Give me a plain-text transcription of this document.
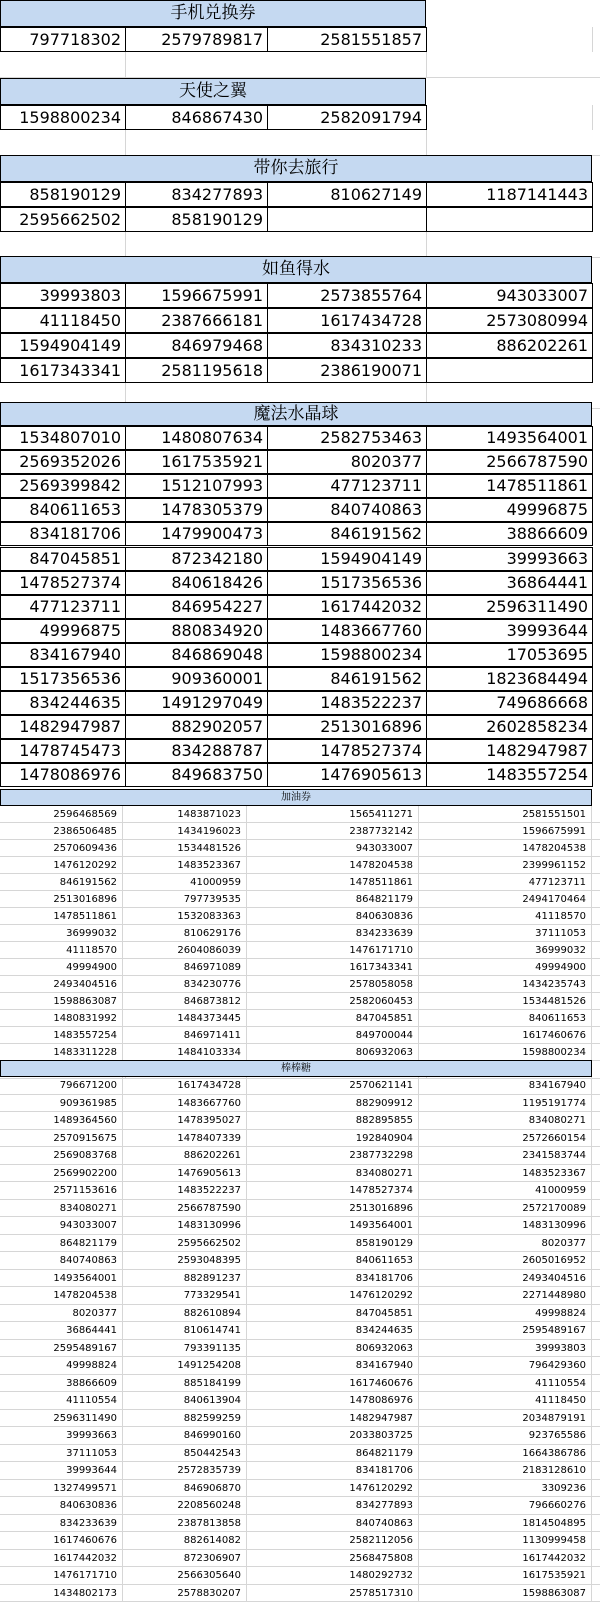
手机兑换券
797718302	2579789817	2581551857
天使之翼
1598800234	846867430	2582091794
带你去旅行
858190129	834277893	810627149	1187141443
2595662502	858190129
如鱼得水
39993803	1596675991	2573855764	943033007
41118450	2387666181	1617434728	2573080994
1594904149	846979468	834310233	886202261
1617343341	2581195618	2386190071
魔法水晶球
1534807010	1480807634	2582753463	1493564001
2569352026	1617535921	8020377	2566787590
2569399842	1512107993	477123711	1478511861
840611653	1478305379	840740863	49996875
834181706	1479900473	846191562	38866609
847045851	872342180	1594904149	39993663
1478527374	840618426	1517356536	36864441
477123711	846954227	1617442032	2596311490
49996875	880834920	1483667760	39993644
834167940	846869048	1598800234	17053695
1517356536	909360001	846191562	1823684494
834244635	1491297049	1483522237	749686668
1482947987	882902057	2513016896	2602858234
1478745473	834288787	1478527374	1482947987
1478086976	849683750	1476905613	1483557254
加油券
2596468569	1483871023	1565411271	2581551501
2386506485	1434196023	2387732142	1596675991
2570609436	1534481526	943033007	1478204538
1476120292	1483523367	1478204538	2399961152
846191562	41000959	1478511861	477123711
2513016896	797739535	864821179	2494170464
1478511861	1532083363	840630836	41118570
36999032	810629176	834233639	37111053
41118570	2604086039	1476171710	36999032
49994900	846971089	1617343341	49994900
2493404516	834230776	2578058058	1434235743
1598863087	846873812	2582060453	1534481526
1480831992	1484373445	847045851	840611653
1483557254	846971411	849700044	1617460676
1483311228	1484103334	806932063	1598800234
棒棒糖
796671200	1617434728	2570621141	834167940
909361985	1483667760	882909912	1195191774
1489364560	1478395027	882895855	834080271
2570915675	1478407339	192840904	2572660154
2569083768	886202261	2387732298	2341583744
2569902200	1476905613	834080271	1483523367
2571153616	1483522237	1478527374	41000959
834080271	2566787590	2513016896	2572170089
943033007	1483130996	1493564001	1483130996
864821179	2595662502	858190129	8020377
840740863	2593048395	840611653	2605016952
1493564001	882891237	834181706	2493404516
1478204538	773329541	1476120292	2271448980
8020377	882610894	847045851	49998824
36864441	810614741	834244635	2595489167
2595489167	793391135	806932063	39993803
49998824	1491254208	834167940	796429360
38866609	885184199	1617460676	41110554
41110554	840613904	1478086976	41118450
2596311490	882599259	1482947987	2034879191
39993663	846990160	2033803725	923765586
37111053	850442543	864821179	1664386786
39993644	2572835739	834181706	2183128610
1327499571	846906870	1476120292	3309236
840630836	2208560248	834277893	796660276
834233639	2387813858	840740863	1814504895
1617460676	882614082	2582112056	1130999458
1617442032	872306907	2568475808	1617442032
1476171710	2566305640	1480292732	1617535921
1434802173	2578830207	2578517310	1598863087
